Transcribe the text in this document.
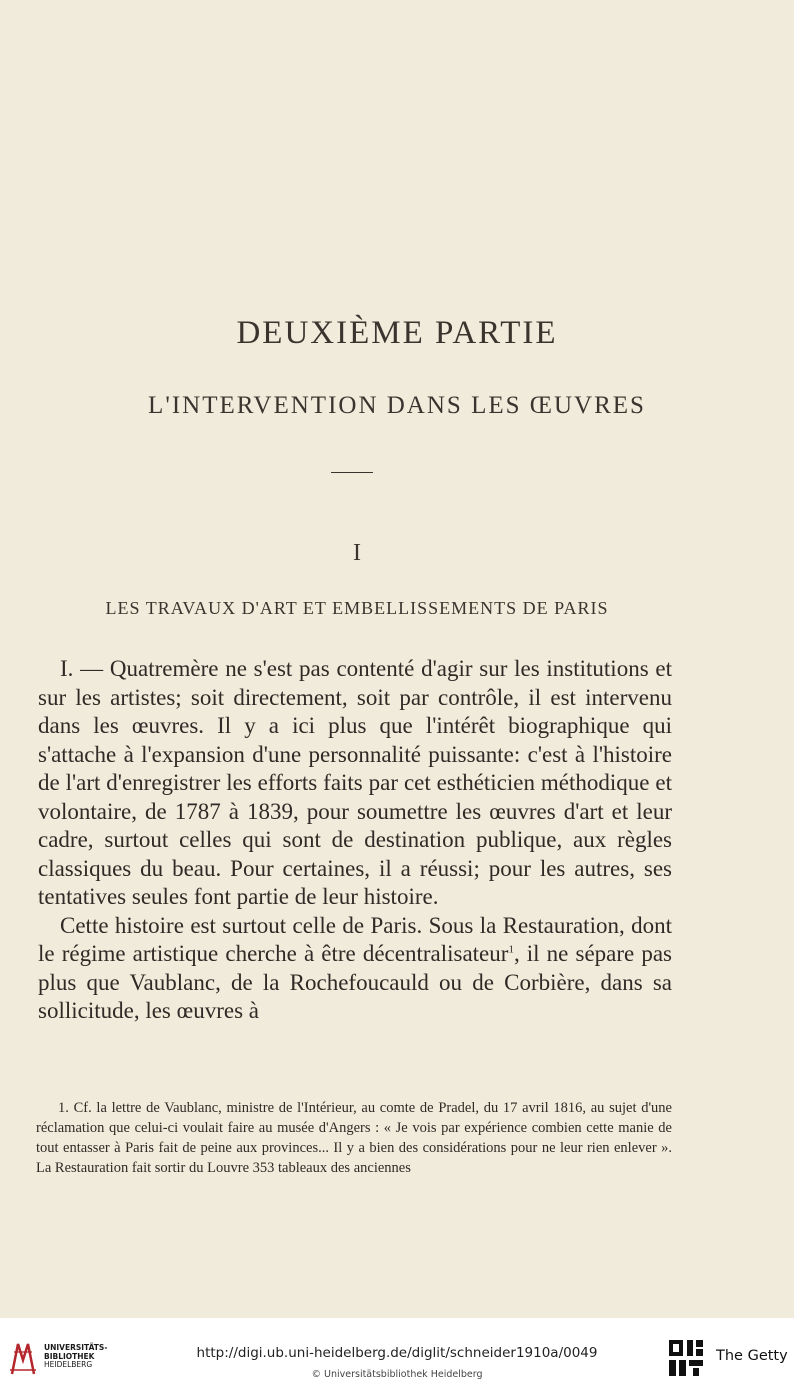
DEUXIÈME PARTIE
L'INTERVENTION DANS LES ŒUVRES
I
LES TRAVAUX D'ART ET EMBELLISSEMENTS DE PARIS

I. — Quatremère ne s'est pas contenté d'agir sur les institutions et sur les artistes; soit directement, soit par contrôle, il est intervenu dans les œuvres. Il y a ici plus que l'intérêt biographique qui s'attache à l'expansion d'une personnalité puissante: c'est à l'histoire de l'art d'enregistrer les efforts faits par cet esthéticien méthodique et volontaire, de 1787 à 1839, pour soumettre les œuvres d'art et leur cadre, surtout celles qui sont de destination publique, aux règles classiques du beau. Pour certaines, il a réussi; pour les autres, ses tentatives seules font partie de leur histoire.

Cette histoire est surtout celle de Paris. Sous la Restauration, dont le régime artistique cherche à être décentralisateur$^1$, il ne sépare pas plus que Vaublanc, de la Rochefoucauld ou de Corbière, dans sa sollicitude, les œuvres à

1. Cf. la lettre de Vaublanc, ministre de l'Intérieur, au comte de Pradel, du 17 avril 1816, au sujet d'une réclamation que celui-ci voulait faire au musée d'Angers : « Je vois par expérience combien cette manie de tout entasser à Paris fait de peine aux provinces... Il y a bien des considérations pour ne leur rien enlever ». La Restauration fait sortir du Louvre 353 tableaux des anciennes

UNIVERSITÄTS-
BIBLIOTHEK
HEIDELBERG
http://digi.ub.uni-heidelberg.de/diglit/schneider1910a/0049
© Universitätsbibliothek Heidelberg
The Getty
